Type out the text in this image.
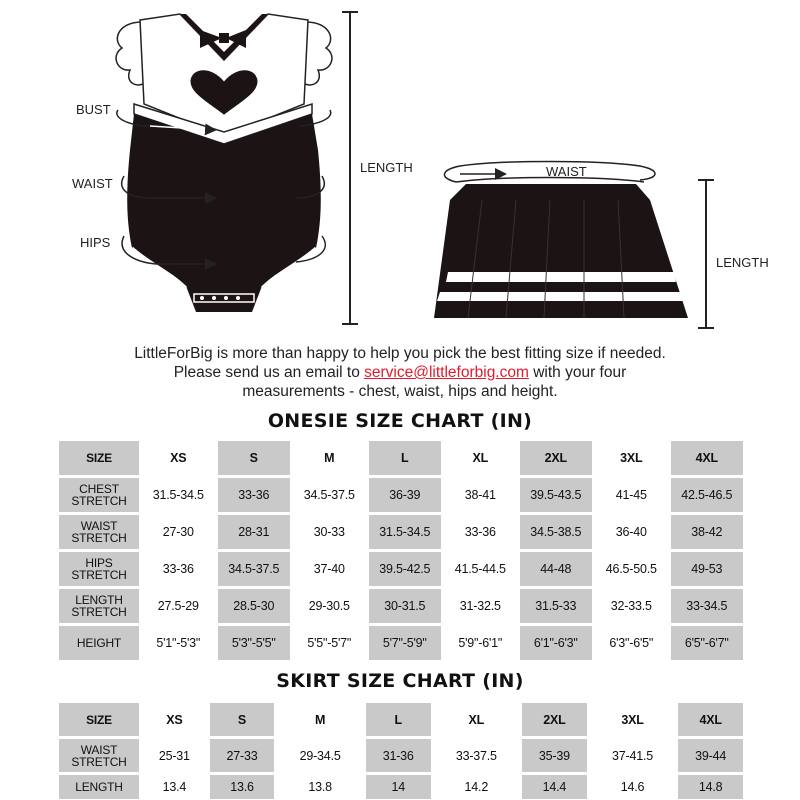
BUST
WAIST
HIPS
LENGTH	WAIST
LENGTH
LittleForBig is more than happy to help you pick the best fitting size if needed.
Please send us an email to service@littleforbig.com with your four
measurements - chest, waist, hips and height.
ONESIE SIZE CHART (IN)
SIZE	XS	S	M	L	XL	2XL	3XL	4XL

CHEST
STRETCH	31.5-34.5	33-36	34.5-37.5	36-39	38-41	39.5-43.5	41-45	42.5-46.5

WAIST
STRETCH	27-30	28-31	30-33	31.5-34.5	33-36	34.5-38.5	36-40	38-42

HIPS
STRETCH	33-36	34.5-37.5	37-40	39.5-42.5	41.5-44.5	44-48	46.5-50.5	49-53

LENGTH
STRETCH	27.5-29	28.5-30	29-30.5	30-31.5	31-32.5	31.5-33	32-33.5	33-34.5

HEIGHT	5'1"-5'3"	5'3"-5'5"	5'5"-5'7"	5'7"-5'9"	5'9"-6'1"	6'1"-6'3"	6'3"-6'5"	6'5"-6'7"
SKIRT SIZE CHART (IN)
SIZE	XS	S	M	L	XL	2XL	3XL	4XL

WAIST
STRETCH	25-31	27-33	29-34.5	31-36	33-37.5	35-39	37-41.5	39-44

LENGTH	13.4	13.6	13.8	14	14.2	14.4	14.6	14.8
